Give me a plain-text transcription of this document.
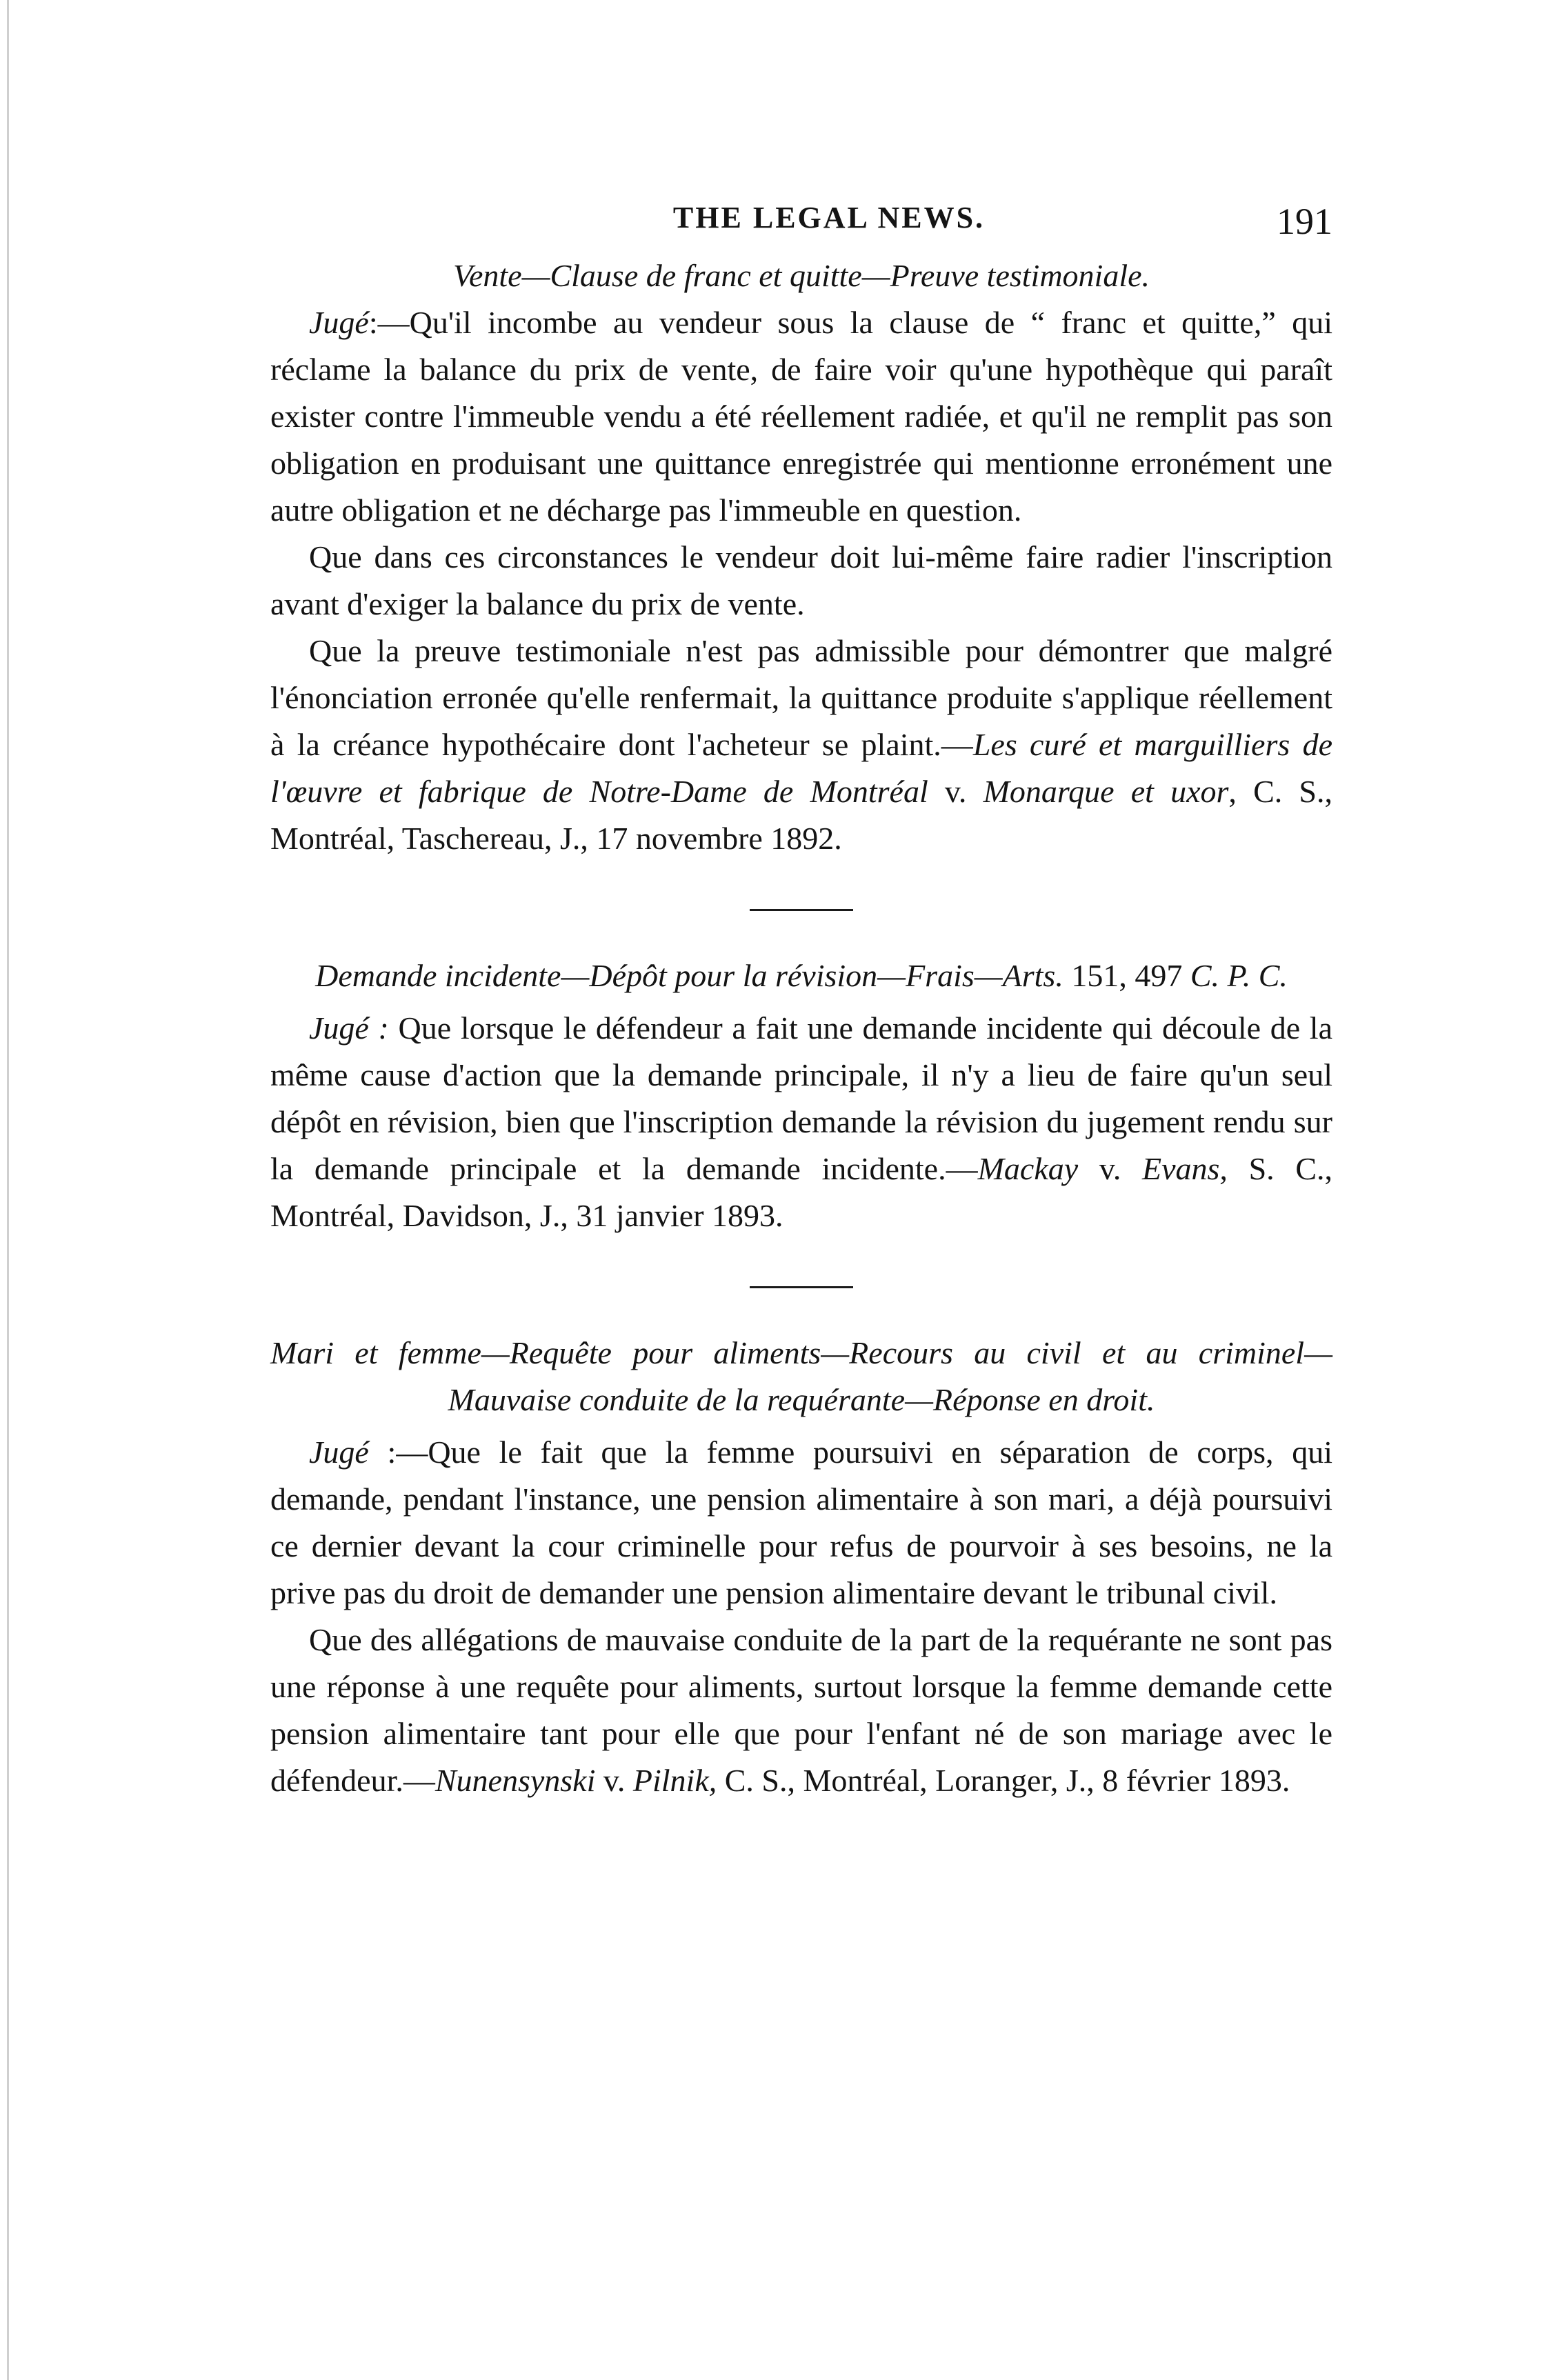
THE LEGAL NEWS.	191

Vente—Clause de franc et quitte—Preuve testimoniale.

Jugé:—Qu'il incombe au vendeur sous la clause de “ franc et quitte,” qui réclame la balance du prix de vente, de faire voir qu'une hypothèque qui paraît exister contre l'immeuble vendu a été réellement radiée, et qu'il ne remplit pas son obligation en produisant une quittance enregistrée qui mentionne erronément une autre obligation et ne décharge pas l'immeuble en question.

Que dans ces circonstances le vendeur doit lui-même faire radier l'inscription avant d'exiger la balance du prix de vente.

Que la preuve testimoniale n'est pas admissible pour démontrer que malgré l'énonciation erronée qu'elle renfermait, la quittance produite s'applique réellement à la créance hypothécaire dont l'acheteur se plaint.—Les curé et marguilliers de l'œuvre et fabrique de Notre-Dame de Montréal v. Monarque et uxor, C. S., Montréal, Taschereau, J., 17 novembre 1892.

Demande incidente—Dépôt pour la révision—Frais—Arts. 151, 497 C. P. C.

Jugé : Que lorsque le défendeur a fait une demande incidente qui découle de la même cause d'action que la demande principale, il n'y a lieu de faire qu'un seul dépôt en révision, bien que l'inscription demande la révision du jugement rendu sur la demande principale et la demande incidente.—Mackay v. Evans, S. C., Montréal, Davidson, J., 31 janvier 1893.

Mari et femme—Requête pour aliments—Recours au civil et au criminel—Mauvaise conduite de la requérante—Réponse en droit.

Jugé :—Que le fait que la femme poursuivi en séparation de corps, qui demande, pendant l'instance, une pension alimentaire à son mari, a déjà poursuivi ce dernier devant la cour criminelle pour refus de pourvoir à ses besoins, ne la prive pas du droit de demander une pension alimentaire devant le tribunal civil.

Que des allégations de mauvaise conduite de la part de la requérante ne sont pas une réponse à une requête pour aliments, surtout lorsque la femme demande cette pension alimentaire tant pour elle que pour l'enfant né de son mariage avec le défendeur.—Nunensynski v. Pilnik, C. S., Montréal, Loranger, J., 8 février 1893.
